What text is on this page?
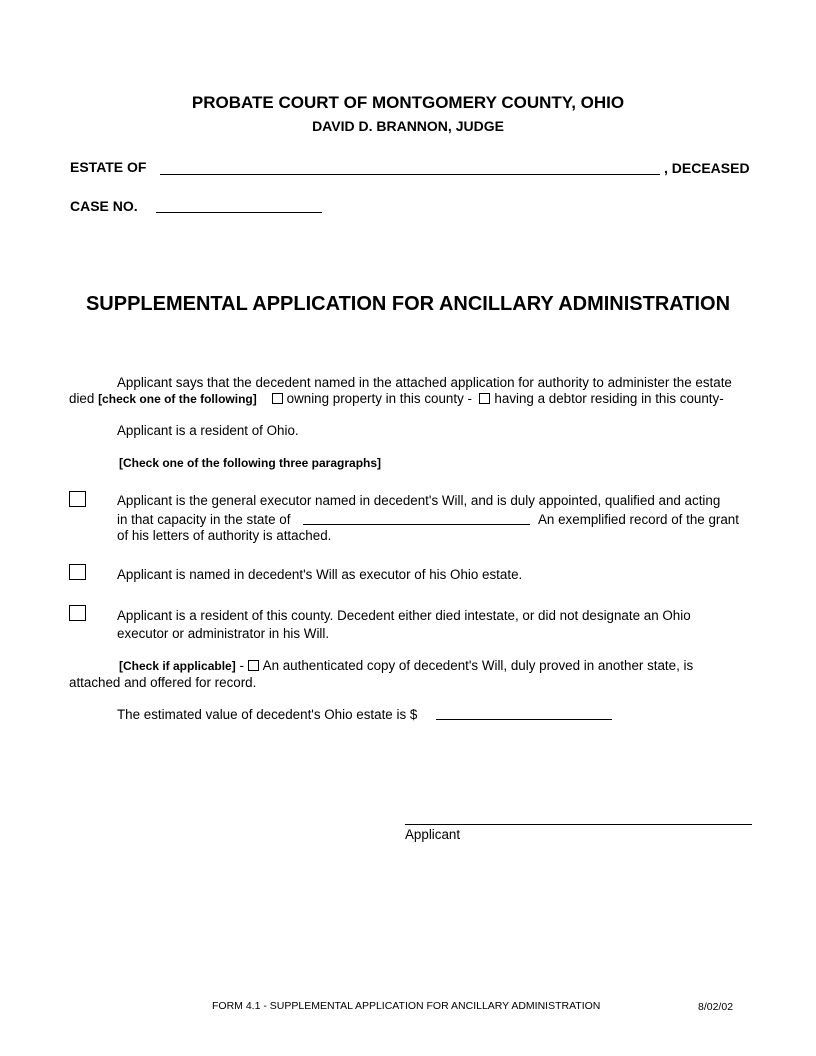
PROBATE COURT OF MONTGOMERY COUNTY, OHIO
DAVID D. BRANNON, JUDGE
ESTATE OF	, DECEASED
CASE NO.
SUPPLEMENTAL APPLICATION FOR ANCILLARY ADMINISTRATION
Applicant says that the decedent named in the attached application for authority to administer the estate
died [check one of the following] owning property in this county - having a debtor residing in this county-
Applicant is a resident of Ohio.
[Check one of the following three paragraphs]
Applicant is the general executor named in decedent's Will, and is duly appointed, qualified and acting
in that capacity in the state of	An exemplified record of the grant
of his letters of authority is attached.
Applicant is named in decedent's Will as executor of his Ohio estate.
Applicant is a resident of this county. Decedent either died intestate, or did not designate an Ohio
executor or administrator in his Will.
[Check if applicable] - An authenticated copy of decedent's Will, duly proved in another state, is
attached and offered for record.
The estimated value of decedent's Ohio estate is $
Applicant
FORM 4.1 - SUPPLEMENTAL APPLICATION FOR ANCILLARY ADMINISTRATION	8/02/02
